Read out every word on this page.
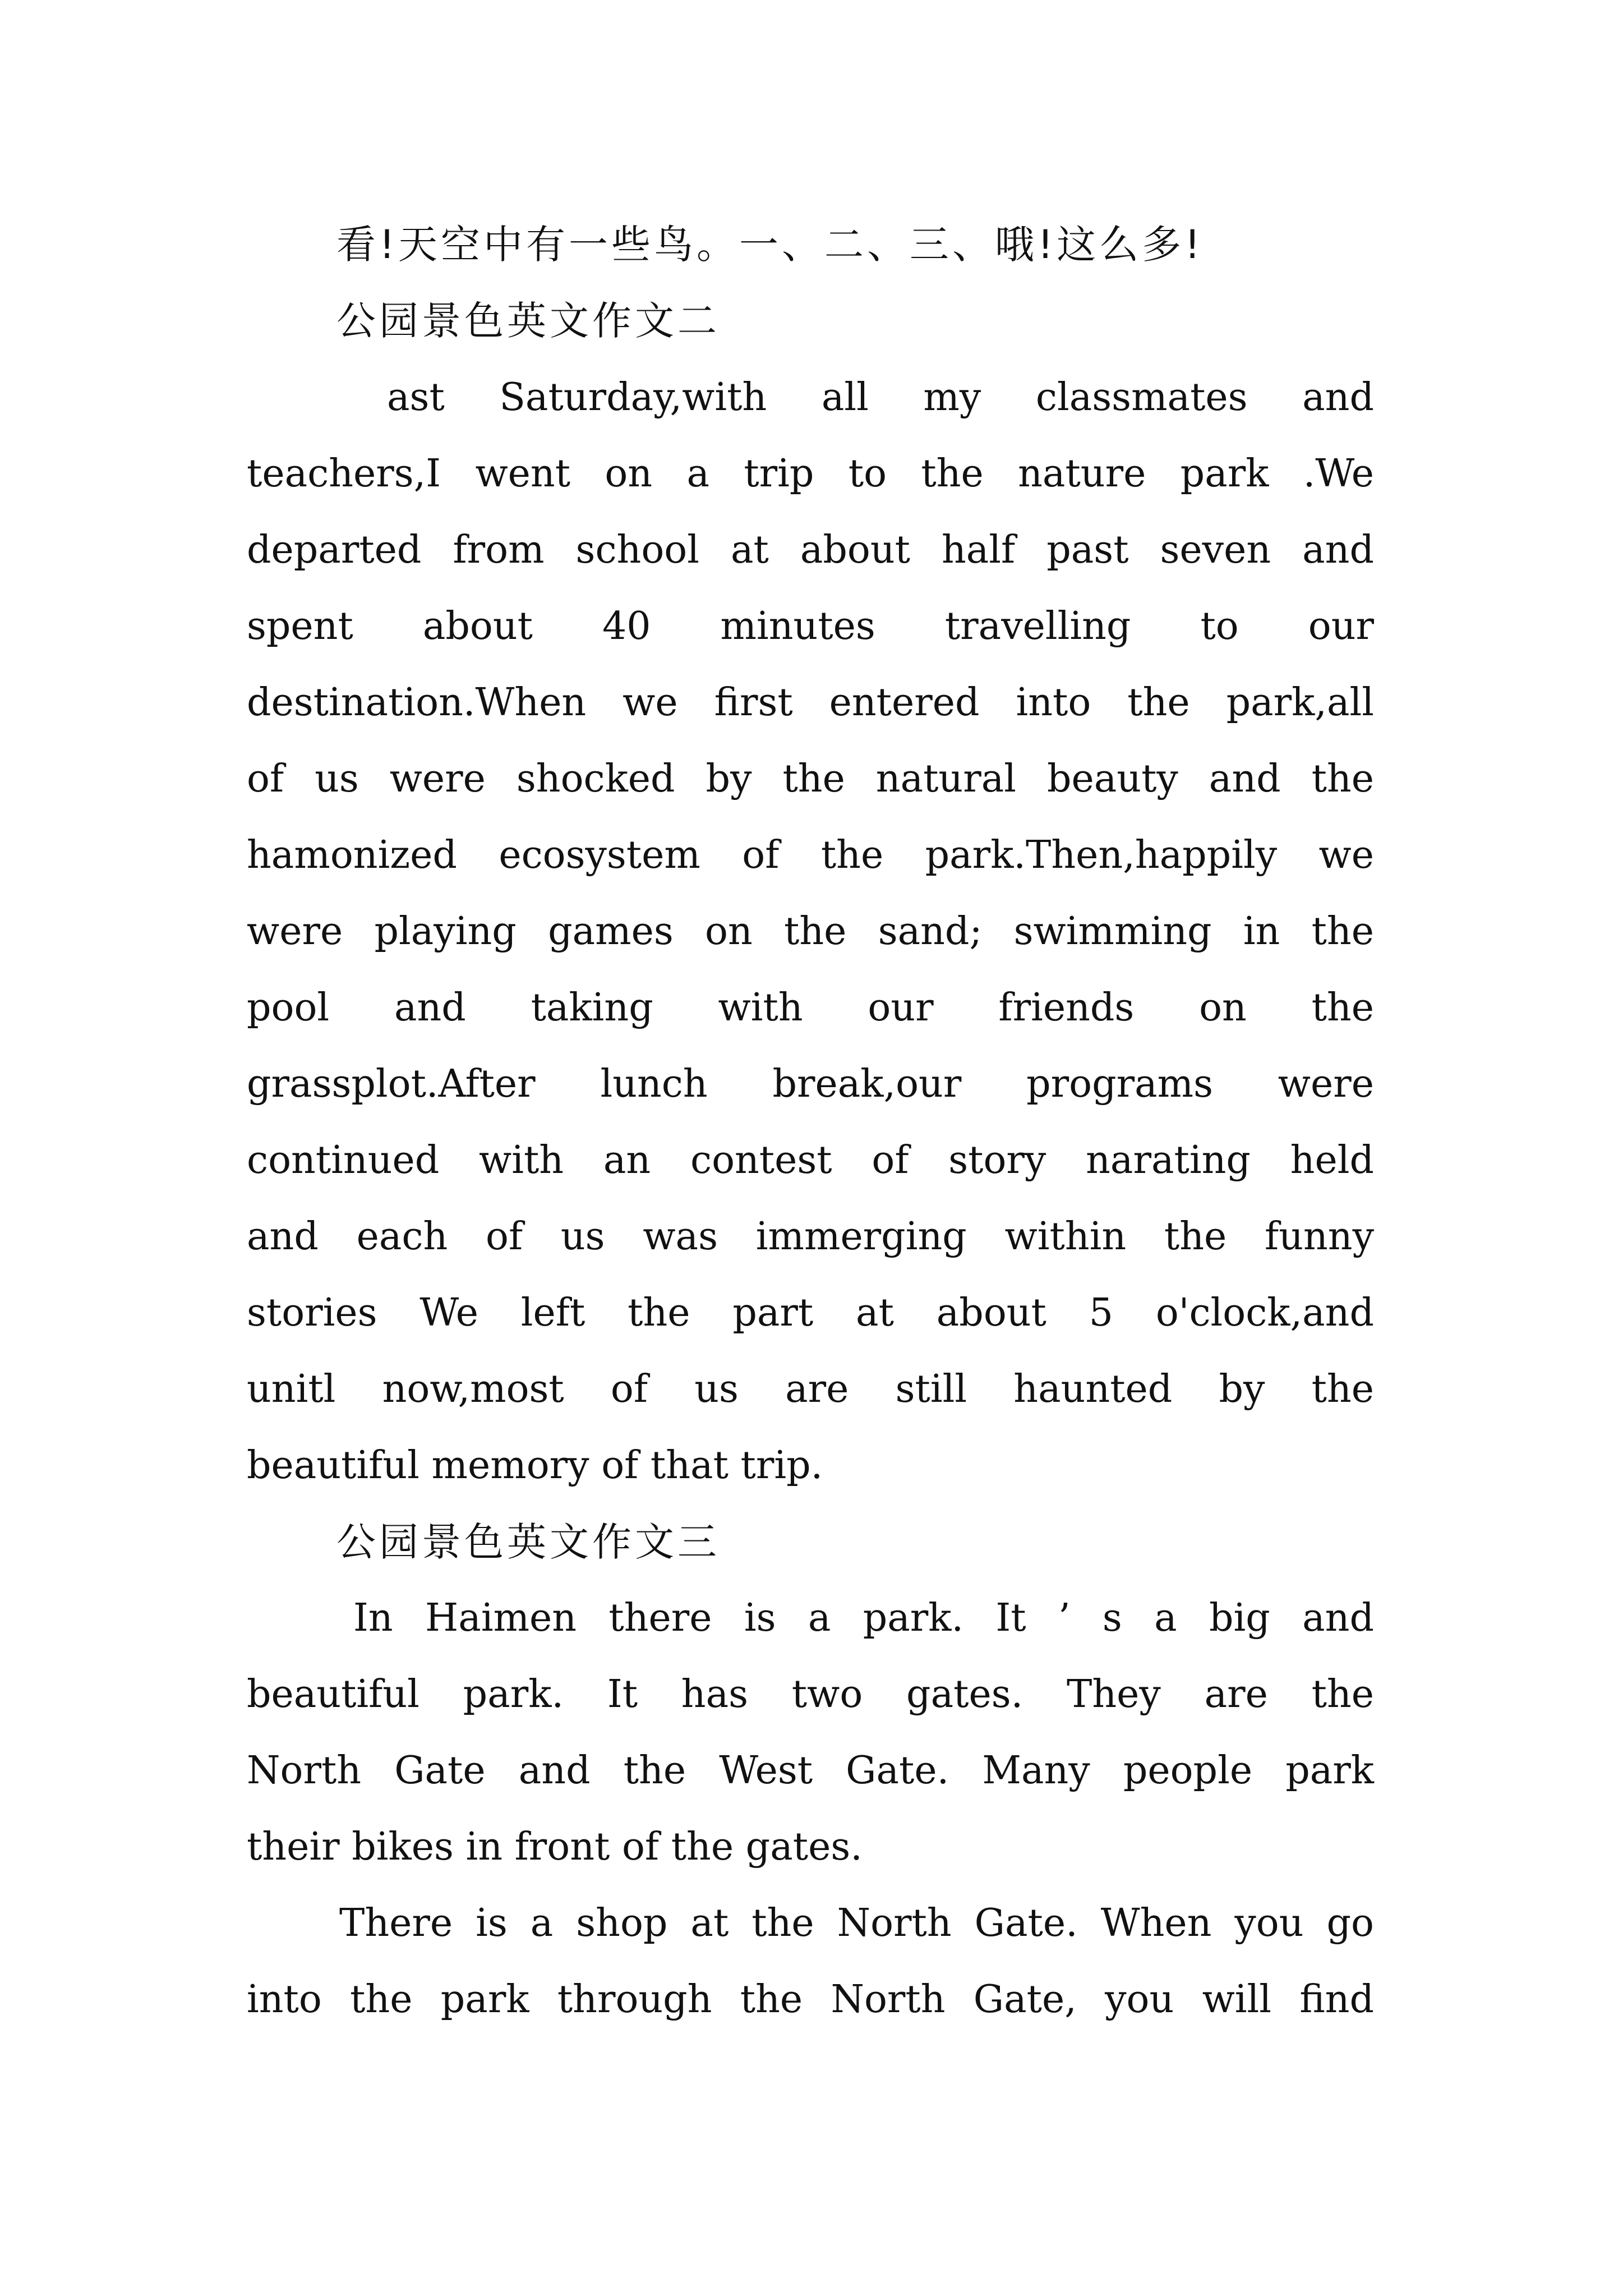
看!天空中有一些鸟。一、二、三、哦!这么多!
公园景色英文作文二
ast Saturday,with all my classmates and
teachers,I went on a trip to the nature park .We
departed from school at about half past seven and
spent about 40 minutes travelling to our
destination.When we first entered into the park,all
of us were shocked by the natural beauty and the
hamonized ecosystem of the park.Then,happily we
were playing games on the sand; swimming in the
pool and taking with our friends on the
grassplot.After lunch break,our programs were
continued with an contest of story narating held
and each of us was immerging within the funny
stories We left the part at about 5 o'clock,and
unitl now,most of us are still haunted by the
beautiful memory of that trip.
公园景色英文作文三
In Haimen there is a park. It ’ s a big and
beautiful park. It has two gates. They are the
North Gate and the West Gate. Many people park
their bikes in front of the gates.
There is a shop at the North Gate. When you go
into the park through the North Gate, you will find
